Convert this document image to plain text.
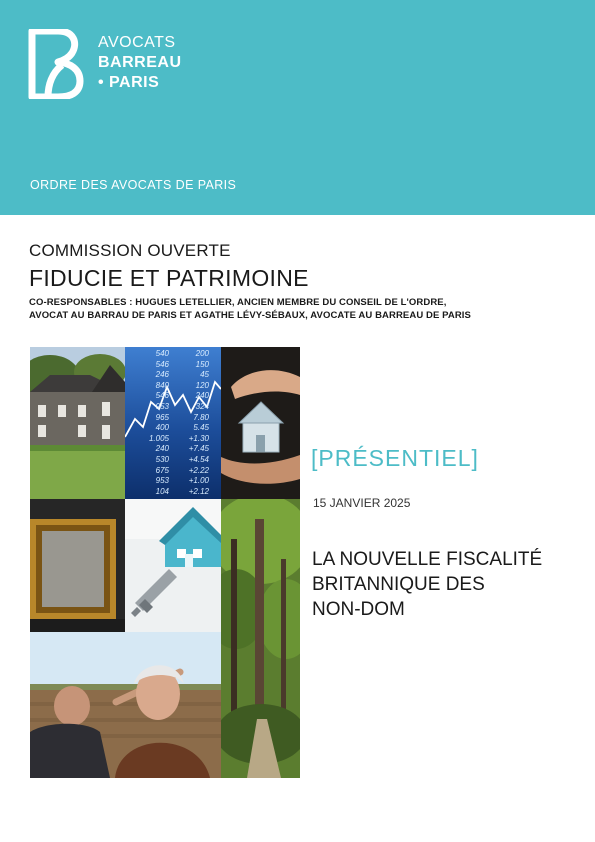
AVOCATS
BARREAU
• PARIS
ORDRE DES AVOCATS DE PARIS
COMMISSION OUVERTE
FIDUCIE ET PATRIMOINE
CO-RESPONSABLES : HUGUES LETELLIER, ANCIEN MEMBRE DU CONSEIL DE L'ORDRE,
AVOCAT AU BARRAU DE PARIS ET AGATHE LÉVY-SÉBAUX, AVOCATE AU BARREAU DE PARIS
540
546
246
840
546
953
965
400
1.005
240
530
675
953
104
200
150
45
120
240
324
7.80
5.45
+1.30
+7.45
+4.54
+2.22
+1.00
+2.12
[PRÉSENTIEL]
15 JANVIER 2025
LA NOUVELLE FISCALITÉ
BRITANNIQUE DES
NON-DOM
